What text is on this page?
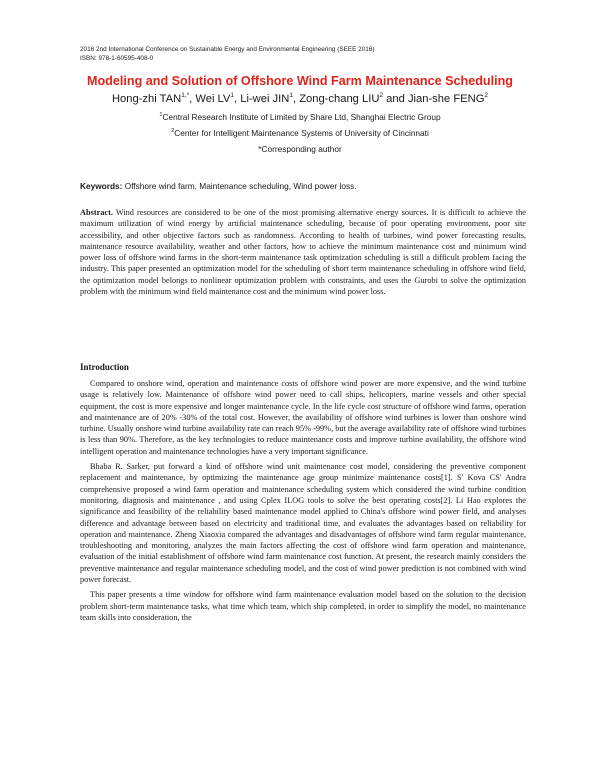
2016 2nd International Conference on Sustainable Energy and Environmental Engineering (SEEE 2016)
ISBN: 978-1-60595-408-0
Modeling and Solution of Offshore Wind Farm Maintenance Scheduling
Hong-zhi $TAN^{1,*}$, Wei $LV^1$, Li-wei JIN$^1$, Zong-chang LIU$^2$ and Jian-she FENG$^2$
$^1$Central Research Institute of Limited by Share Ltd, Shanghai Electric Group
$^2$Center for Intelligent Maintenance Systems of University of Cincinnati
*Corresponding author
Keywords: Offshore wind farm, Maintenance scheduling, Wind power loss.
Abstract. Wind resources are considered to be one of the most promising alternative energy sources. It is difficult to achieve the maximum utilization of wind energy by artificial maintenance scheduling, because of poor operating environment, poor site accessibility, and other objective factors such as randomness. According to health of turbines, wind power forecasting results, maintenance resource availability, weather and other factors, how to achieve the minimum maintenance cost and minimum wind power loss of offshore wind farms in the short-term maintenance task optimization scheduling is still a difficult problem facing the industry. This paper presented an optimization model for the scheduling of short term maintenance scheduling in offshore wind field, the optimization model belongs to nonlinear optimization problem with constraints, and uses the Gurobi to solve the optimization problem with the minimum wind field maintenance cost and the minimum wind power loss.
Introduction

Compared to onshore wind, operation and maintenance costs of offshore wind power are more expensive, and the wind turbine usage is relatively low. Maintenance of offshore wind power need to call ships, helicopters, marine vessels and other special equipment, the cost is more expensive and longer maintenance cycle. In the life cycle cost structure of offshore wind farms, operation and maintenance are of 20% -30% of the total cost. However, the availability of offshore wind turbines is lower than onshore wind turbine. Usually onshore wind turbine availability rate can reach 95% -99%, but the average availability rate of offshore wind turbines is less than 90%. Therefore, as the key technologies to reduce maintenance costs and improve turbine availability, the offshore wind intelligent operation and maintenance technologies have a very important significance.

Bhaba R. Sarker, put forward a kind of offshore wind unit maintenance cost model, considering the preventive component replacement and maintenance, by optimizing the maintenance age group minimize maintenance costs[1]. S' Kova CS' Andra comprehensive proposed a wind farm operation and maintenance scheduling system which considered the wind turbine condition monitoring, diagnosis and maintenance , and using Cplex ILOG tools to solve the best operating costs[2]. Li Hao explores the significance and feasibility of the reliability based maintenance model applied to China's offshore wind power field, and analyses difference and advantage between based on electricity and traditional time, and evaluates the advantages based on reliability for operation and maintenance. Zheng Xiaoxia compared the advantages and disadvantages of offshore wind farm regular maintenance, troubleshooting and monitoring, analyzes the main factors affecting the cost of offshore wind farm operation and maintenance, evaluation of the initial establishment of offshore wind farm maintenance cost function. At present, the research mainly considers the preventive maintenance and regular maintenance scheduling model, and the cost of wind power prediction is not combined with wind power forecast.

This paper presents a time window for offshore wind farm maintenance evaluation model based on the solution to the decision problem short-term maintenance tasks, what time which team, which ship completed, in order to simplify the model, no maintenance team skills into consideration, the
